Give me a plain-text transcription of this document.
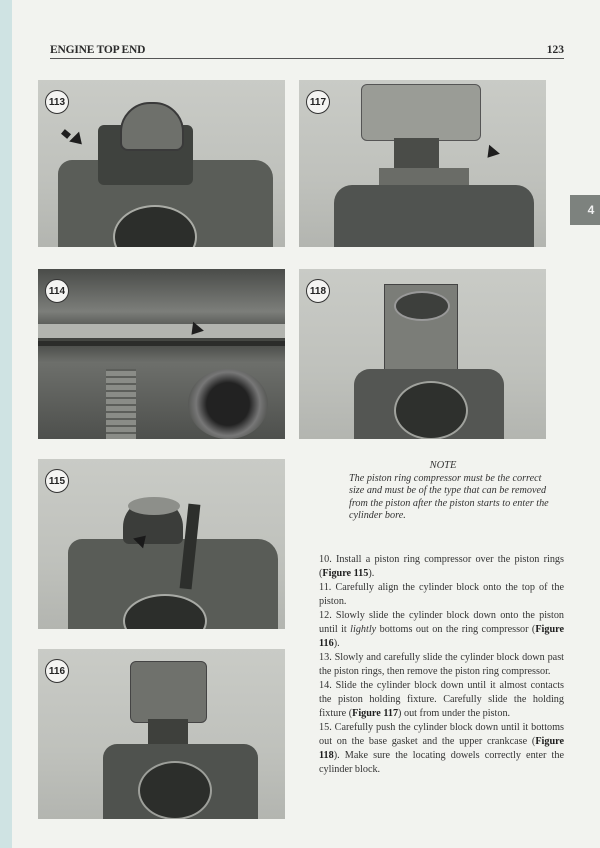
ENGINE TOP END	123
113	117
4
114	118
115
116
NOTE
The piston ring compressor must be the correct size and must be of the type that can be removed from the piston after the piston starts to enter the cylinder bore.

10. Install a piston ring compressor over the piston rings (Figure 115).

11. Carefully align the cylinder block onto the top of the piston.

12. Slowly slide the cylinder block down onto the piston until it lightly bottoms out on the ring compressor (Figure 116).

13. Slowly and carefully slide the cylinder block down past the piston rings, then remove the piston ring compressor.

14. Slide the cylinder block down until it almost contacts the piston holding fixture. Carefully slide the holding fixture (Figure 117) out from under the piston.

15. Carefully push the cylinder block down until it bottoms out on the base gasket and the upper crankcase (Figure 118). Make sure the locating dowels correctly enter the cylinder block.
